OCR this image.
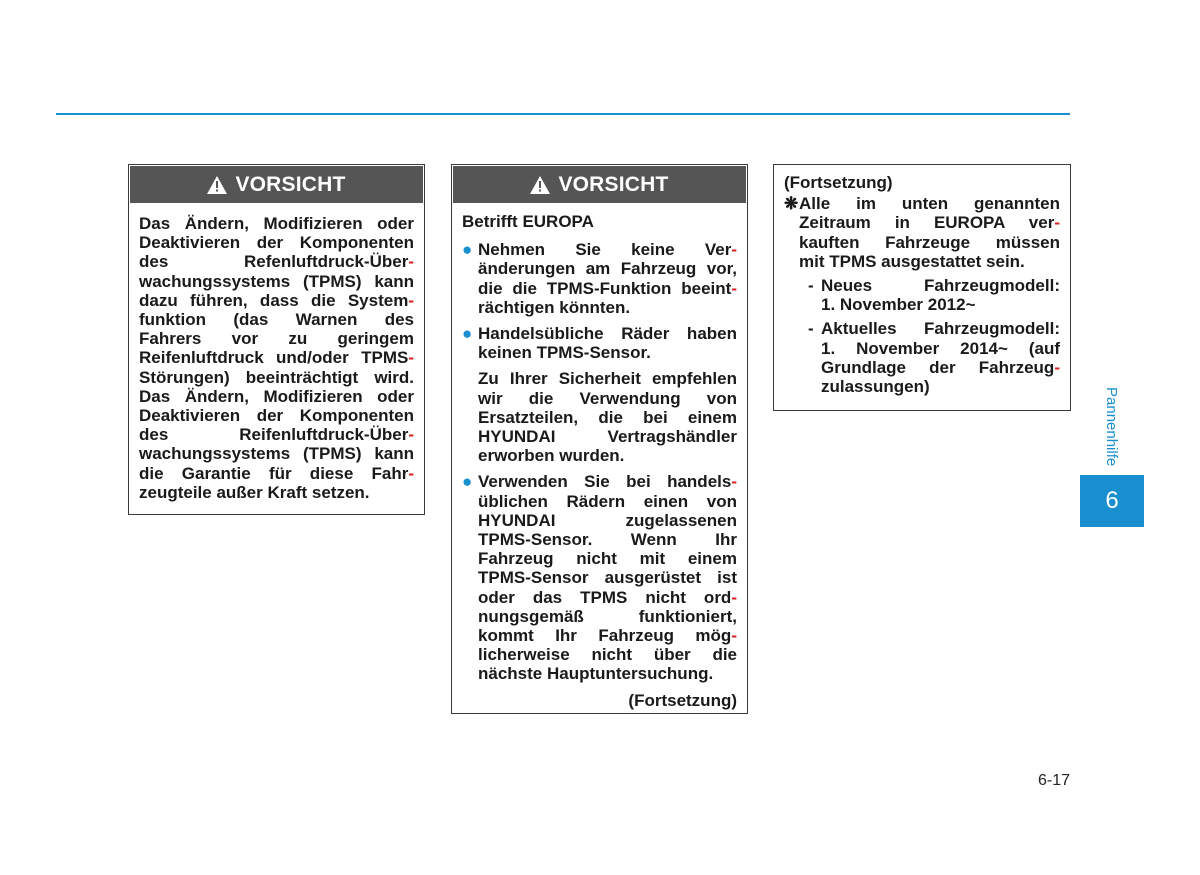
VORSICHT
Das Ändern, Modifizieren oder
Deaktivieren der Komponenten
des Refenluftdruck-Über-
wachungssystems (TPMS) kann
dazu führen, dass die System-
funktion (das Warnen des
Fahrers vor zu geringem
Reifenluftdruck und/oder TPMS-
Störungen) beeinträchtigt wird.
Das Ändern, Modifizieren oder
Deaktivieren der Komponenten
des Reifenluftdruck-Über-
wachungssystems (TPMS) kann
die Garantie für diese Fahr-
zeugteile außer Kraft setzen.
VORSICHT
Betrifft EUROPA
● Nehmen Sie keine Ver-
änderungen am Fahrzeug vor,
die die TPMS-Funktion beeint-
rächtigen könnten.
● Handelsübliche Räder haben
keinen TPMS-Sensor.
Zu Ihrer Sicherheit empfehlen
wir die Verwendung von
Ersatzteilen, die bei einem
HYUNDAI Vertragshändler
erworben wurden.
● Verwenden Sie bei handels-
üblichen Rädern einen von
HYUNDAI zugelassenen
TPMS-Sensor. Wenn Ihr
Fahrzeug nicht mit einem
TPMS-Sensor ausgerüstet ist
oder das TPMS nicht ord-
nungsgemäß funktioniert,
kommt Ihr Fahrzeug mög-
licherweise nicht über die
nächste Hauptuntersuchung.
(Fortsetzung)
(Fortsetzung)
❋ Alle im unten genannten
Zeitraum in EUROPA ver-
kauften Fahrzeuge müssen
mit TPMS ausgestattet sein.
- Neues Fahrzeugmodell:
1. November 2012~
- Aktuelles Fahrzeugmodell:
1. November 2014~ (auf
Grundlage der Fahrzeug-
zulassungen)
Pannenhilfe
6
6-17
